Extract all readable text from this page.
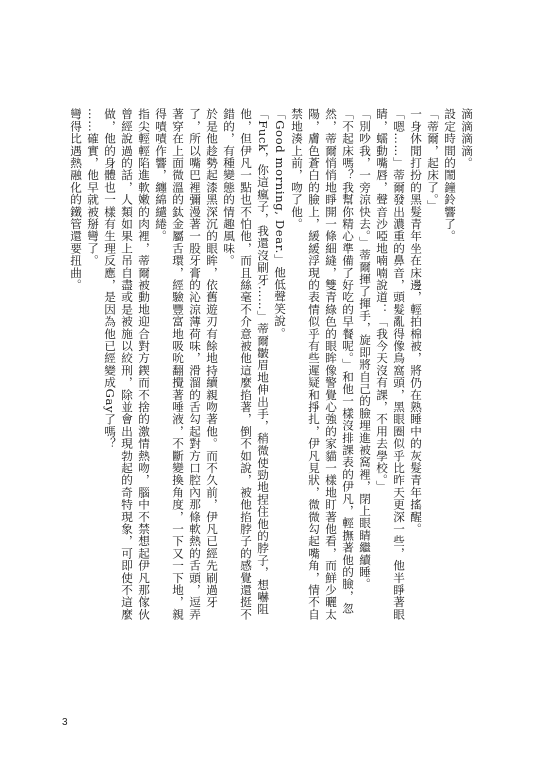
滴滴滴滴。

設定時間的鬧鐘鈴響了。

「蒂爾，起床了。」

一身休閒打扮的黑髮青年坐在床邊，輕拍棉被，將仍在熟睡中的灰髮青年搖醒。

「嗯……」蒂爾發出濃重的鼻音，頭髮亂得像鳥窩頭，黑眼圈似乎比昨天更深一些，他半睜著眼睛，蠕動嘴唇，聲音沙啞地喃喃說道：「我今天沒有課，不用去學校。」

「別吵我，一旁涼快去。」蒂爾揮了揮手，旋即將自己的臉埋進被窩裡，閉上眼睛繼續睡。

「不起床嗎？我幫你精心準備了好吃的早餐呢。」和他一樣沒排課表的伊凡，輕撫著他的臉，忽然，蒂爾悄悄地睜開一條細縫，雙青綠色的眼眸像警覺心強的家貓一樣地盯著他看，而鮮少曬太陽，膚色蒼白的臉上，緩緩浮現的表情似乎有些遲疑和掙扎，伊凡見狀，微微勾起嘴角，情不自禁地湊上前，吻了他。

「Good morning, Dear.」他低聲笑說。

「Fuck，你這瘋子，我還沒刷牙……」蒂爾皺眉地伸出手，稍微使勁地捏住他的脖子，想嚇阻他，但伊凡一點也不怕他，而且絲毫不介意被他這麼掐著，倒不如說，被他掐脖子的感覺還挺不錯的，有種變態的情趣風味。

於是他趁勢起漆黑深沉的眼眸，依舊遊刃有餘地持續親吻著他。而不久前，伊凡已經先刷過牙了，所以嘴巴裡彌漫著一股牙膏的沁涼薄荷味，滑溜的舌勾起對方口腔內那條軟熱的舌頭，逗弄著穿在上面微溫的鈦金屬舌環，經驗豐富地吸吮翻攪著唾液，不斷變換角度，一下又一下地，親得嘖嘖作響，纏綿繾綣。

指尖輕輕陷進軟嫩的肉裡，蒂爾被動地迎合對方鍥而不捨的激情熱吻，腦中不禁想起伊凡那傢伙曾經說過的話，人類如果上吊自盡或是被施以絞刑，除並會出現勃起的奇特現象，可即使不這麼做，他的身體也一樣有生理反應，是因為他已經變成Gay了嗎？

……確實，他早就被掰彎了。

彎得比遇熱融化的鐵管還要扭曲。

3
